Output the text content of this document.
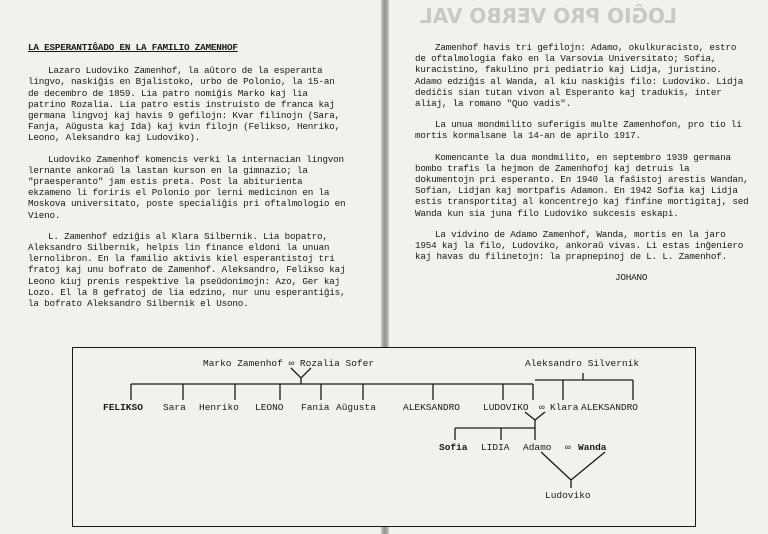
LOĜIO PRO VERBO VAL

LA ESPERANTIĜADO EN LA FAMILIO ZAMENHOF

Lazaro Ludoviko Zamenhof, la aŭtoro de la esperanta lingvo, naskiĝis en Bjalistoko, urbo de Polonio, la 15-an de decembro de 1859. Lia patro nomiĝis Marko kaj lia patrino Rozalia. Lia patro estis instruisto de franca kaj germana lingvoj kaj havis 9 gefilojn: Kvar filinojn (Sara, Fanja, Aŭgusta kaj Ida) kaj kvin filojn (Felikso, Henriko, Leono, Aleksandro kaj Ludoviko).

Ludoviko Zamenhof komencis verki la internacian lingvon lernante ankoraŭ la lastan kurson en la gimnazio; la "praesperanto" jam estis preta. Post la abiturienta ekzameno li foriris el Polonio por lernі medicinon en la Moskova universitato, poste specialiĝis pri oftalmologio en Vieno.

L. Zamenhof edziĝis al Klara Silbernik. Lia bopatro, Aleksandro Silbernik, helpis lin finance eldoni la unuan lernolibron. En la familio aktivis kiel esperantistoj tri fratoj kaj unu bofrato de Zamenhof. Aleksandro, Felikso kaj Leono kiuj prenis respektive la pseŭdonimojn: Azo, Ger kaj Lozo. El la 8 gefratoj de lia edzino, nur unu esperantiĝis, la bofrato Aleksandro Silbernik el Usono.

Zamenhof havis tri gefilojn: Adamo, okulkuracisto, estro de oftalmologia fako en la Varsovia Universitato; Sofia, kuracistino, fakulino pri pediatrio kaj Lidja, juristino. Adamo edziĝis al Wanda, al kiu naskiĝis filo: Ludoviko. Lidja dediĉis sian tutan vivon al Esperanto kaj tradukis, inter aliaj, la romano "Quo vadis".

La unua mondmilito suferigis multe Zamenhofon, pro tio li mortis kormalsane la 14-an de aprilo 1917.

Komencante la dua mondmilito, en septembro 1939 germana bombo trafis la hejmon de Zamenhofoj kaj detruis la dokumentojn pri esperanto. En 1940 la faŝistoj arestis Wandan, Sofian, Lidjan kaj mortpafis Adamon. En 1942 Sofia kaj Lidja estis transportitaj al koncentrejo kaj finfine mortigitaj, sed Wanda kun sia juna filo Ludoviko sukcesis eskapi.

La vidvino de Adamo Zamenhof, Wanda, mortis en la jaro 1954 kaj la filo, Ludoviko, ankoraŭ vivas. Li estas inĝeniero kaj havas du filinetojn: la prapnepinoj de L. L. Zamenhof.

JOHANO

Marko Zamenhof ∞ Rozalia Sofer	Aleksandro Silvernik
FELIKSO Sara Henriko LEONO Fania Aŭgusta	ALEKSANDRO LUDOVIKO ∞ Klara ALEKSANDRO
Sofia LIDIA Adamo ∞ Wanda
Ludoviko
